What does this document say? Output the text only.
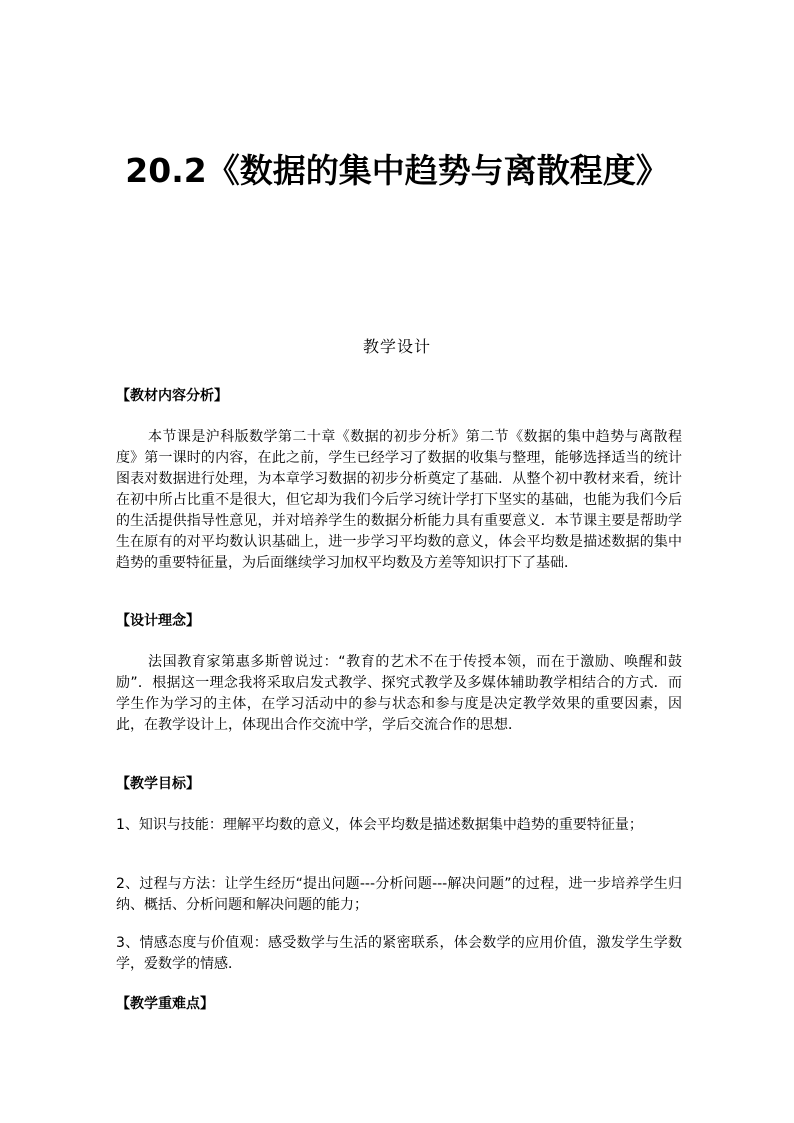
20.2《数据的集中趋势与离散程度》
教学设计
【教材内容分析】
本节课是沪科版数学第二十章《数据的初步分析》第二节《数据的集中趋势与离散程度》第一课时的内容，在此之前，学生已经学习了数据的收集与整理，能够选择适当的统计图表对数据进行处理，为本章学习数据的初步分析奠定了基础．从整个初中教材来看，统计在初中所占比重不是很大，但它却为我们今后学习统计学打下坚实的基础，也能为我们今后的生活提供指导性意见，并对培养学生的数据分析能力具有重要意义．本节课主要是帮助学生在原有的对平均数认识基础上，进一步学习平均数的意义，体会平均数是描述数据的集中趋势的重要特征量，为后面继续学习加权平均数及方差等知识打下了基础．
【设计理念】
法国教育家第惠多斯曾说过：“教育的艺术不在于传授本领，而在于激励、唤醒和鼓励”．根据这一理念我将采取启发式教学、探究式教学及多媒体辅助教学相结合的方式．而学生作为学习的主体，在学习活动中的参与状态和参与度是决定教学效果的重要因素，因此，在教学设计上，体现出合作交流中学，学后交流合作的思想．
【教学目标】
1、知识与技能：理解平均数的意义，体会平均数是描述数据集中趋势的重要特征量；
2、过程与方法：让学生经历“提出问题---分析问题---解决问题”的过程，进一步培养学生归纳、概括、分析问题和解决问题的能力；
3、情感态度与价值观：感受数学与生活的紧密联系，体会数学的应用价值，激发学生学数学，爱数学的情感．
【教学重难点】
